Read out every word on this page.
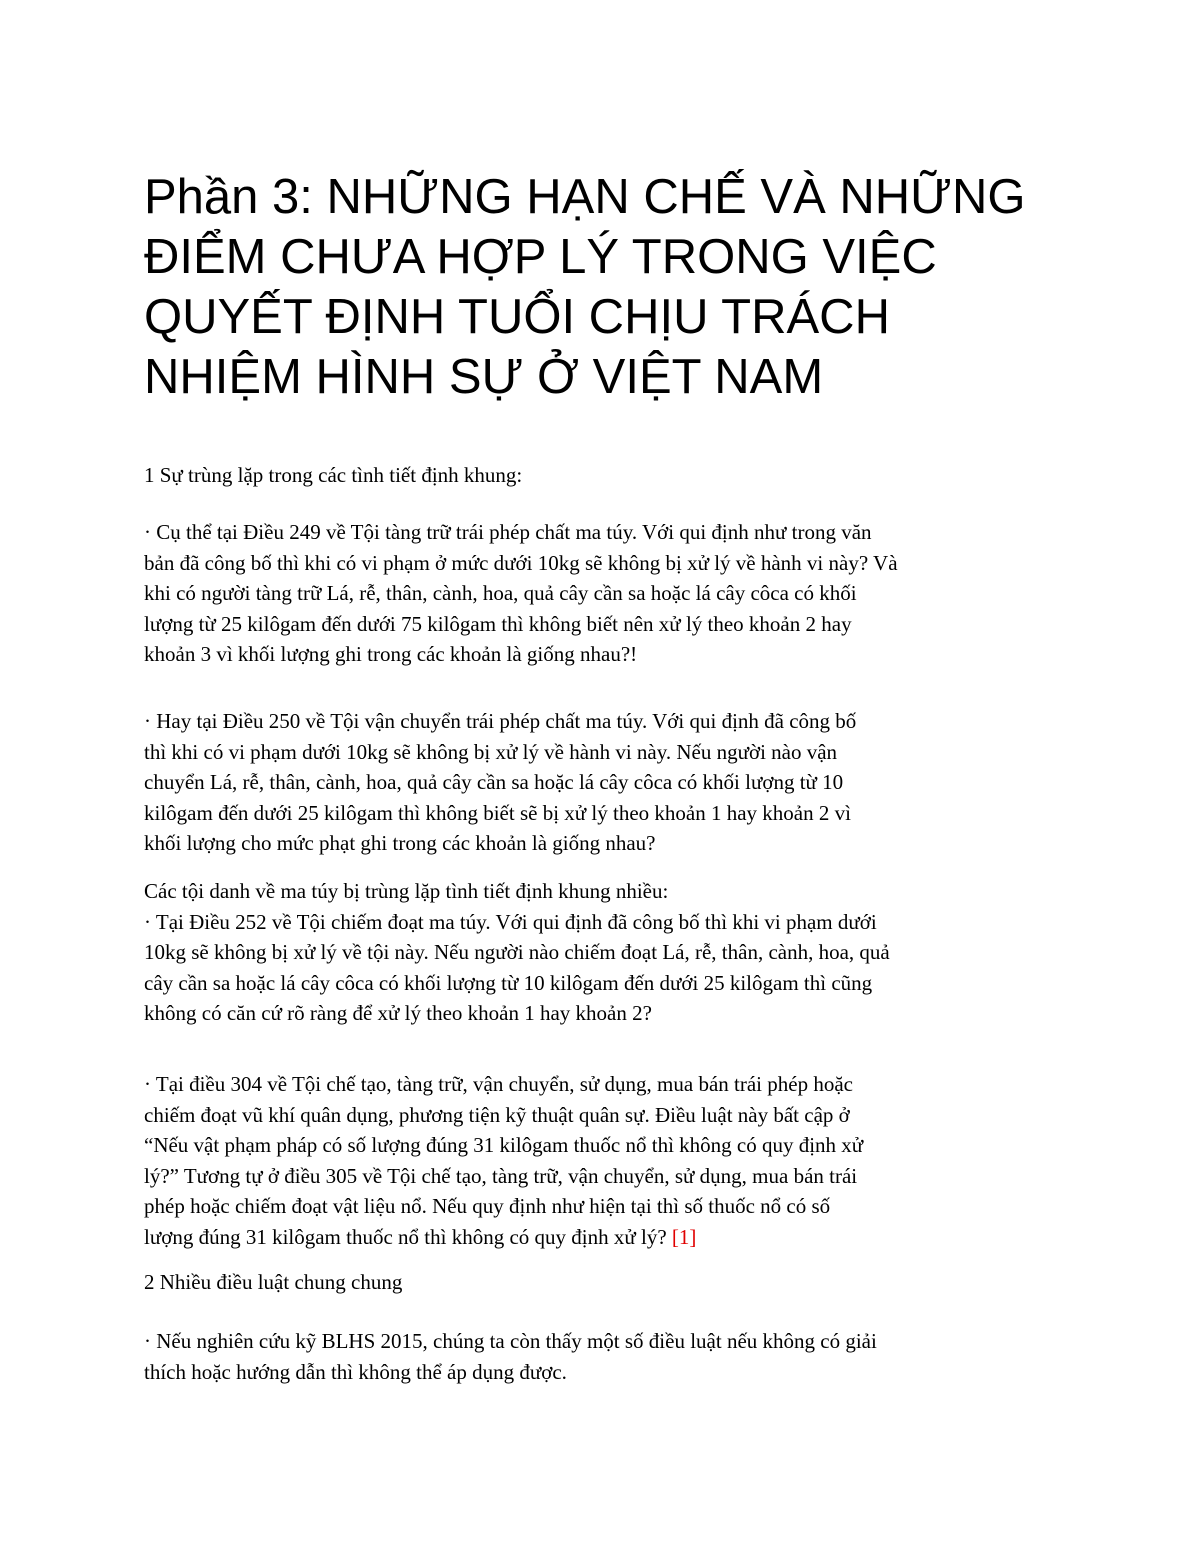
Phần 3: NHỮNG HẠN CHẾ VÀ NHỮNG
ĐIỂM CHƯA HỢP LÝ TRONG VIỆC
QUYẾT ĐỊNH TUỔI CHỊU TRÁCH
NHIỆM HÌNH SỰ Ở VIỆT NAM

1 Sự trùng lặp trong các tình tiết định khung:

· Cụ thể tại Điều 249 về Tội tàng trữ trái phép chất ma túy. Với qui định như trong văn

bản đã công bố thì khi có vi phạm ở mức dưới 10kg sẽ không bị xử lý về hành vi này? Và

khi có người tàng trữ Lá, rễ, thân, cành, hoa, quả cây cần sa hoặc lá cây côca có khối

lượng từ 25 kilôgam đến dưới 75 kilôgam thì không biết nên xử lý theo khoản 2 hay

khoản 3 vì khối lượng ghi trong các khoản là giống nhau?!

· Hay tại Điều 250 về Tội vận chuyển trái phép chất ma túy. Với qui định đã công bố

thì khi có vi phạm dưới 10kg sẽ không bị xử lý về hành vi này. Nếu người nào vận

chuyển Lá, rễ, thân, cành, hoa, quả cây cần sa hoặc lá cây côca có khối lượng từ 10

kilôgam đến dưới 25 kilôgam thì không biết sẽ bị xử lý theo khoản 1 hay khoản 2 vì

khối lượng cho mức phạt ghi trong các khoản là giống nhau?

Các tội danh về ma túy bị trùng lặp tình tiết định khung nhiều:

· Tại Điều 252 về Tội chiếm đoạt ma túy. Với qui định đã công bố thì khi vi phạm dưới

10kg sẽ không bị xử lý về tội này. Nếu người nào chiếm đoạt Lá, rễ, thân, cành, hoa, quả

cây cần sa hoặc lá cây côca có khối lượng từ 10 kilôgam đến dưới 25 kilôgam thì cũng

không có căn cứ rõ ràng để xử lý theo khoản 1 hay khoản 2?

· Tại điều 304 về Tội chế tạo, tàng trữ, vận chuyển, sử dụng, mua bán trái phép hoặc

chiếm đoạt vũ khí quân dụng, phương tiện kỹ thuật quân sự. Điều luật này bất cập ở

“Nếu vật phạm pháp có số lượng đúng 31 kilôgam thuốc nổ thì không có quy định xử

lý?” Tương tự ở điều 305 về Tội chế tạo, tàng trữ, vận chuyển, sử dụng, mua bán trái

phép hoặc chiếm đoạt vật liệu nổ. Nếu quy định như hiện tại thì số thuốc nổ có số

lượng đúng 31 kilôgam thuốc nổ thì không có quy định xử lý? [1]

2 Nhiều điều luật chung chung

· Nếu nghiên cứu kỹ BLHS 2015, chúng ta còn thấy một số điều luật nếu không có giải

thích hoặc hướng dẫn thì không thể áp dụng được.
